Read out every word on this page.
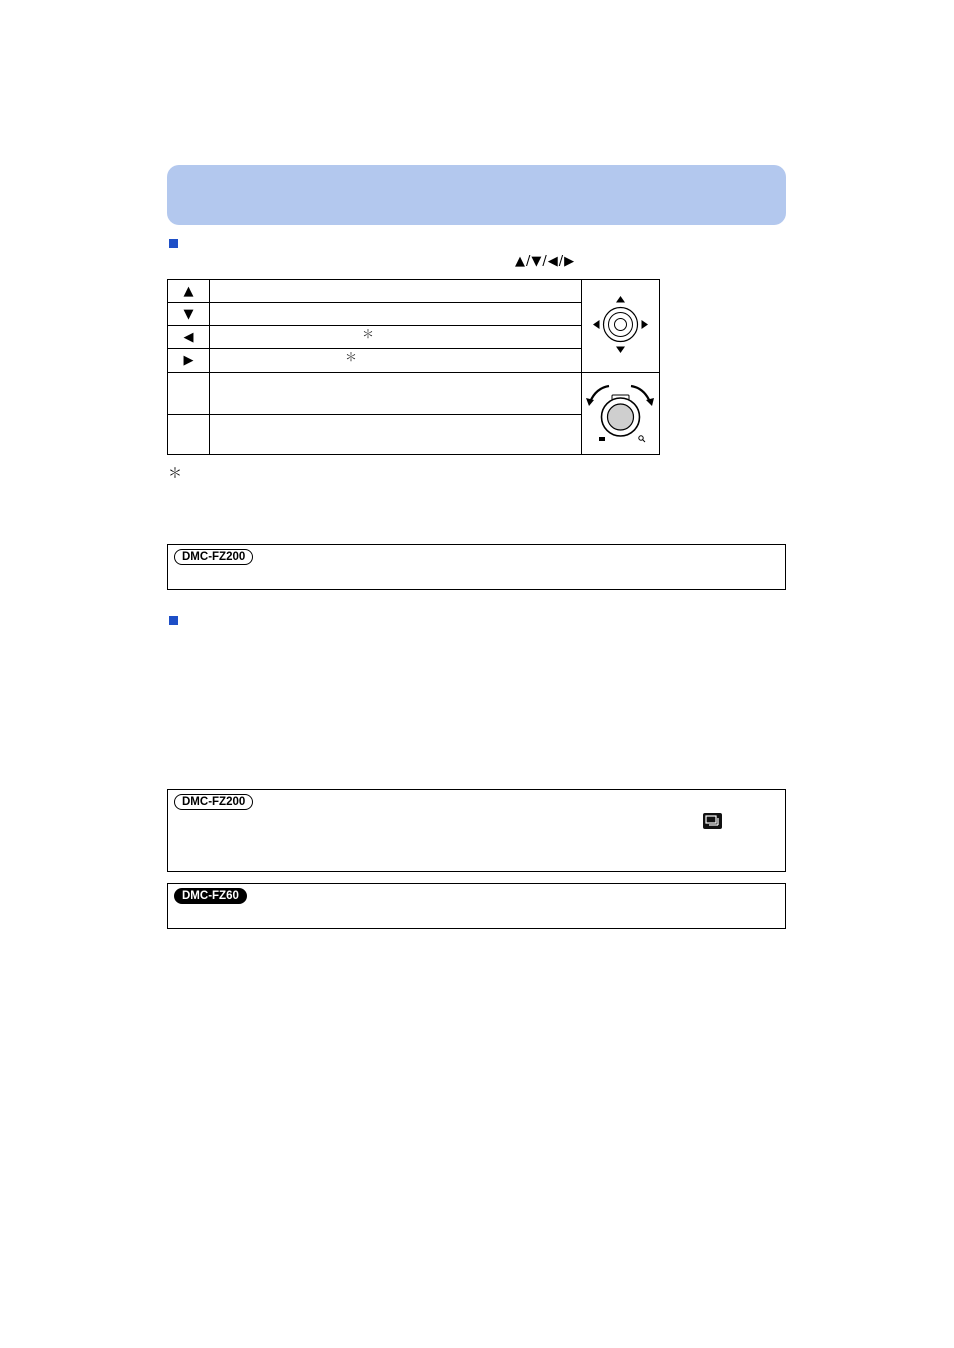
▲/▼/◀/▶
▲
▼
◀
▶
＊
＊
＊
DMC-FZ200
DMC-FZ200
DMC-FZ60
